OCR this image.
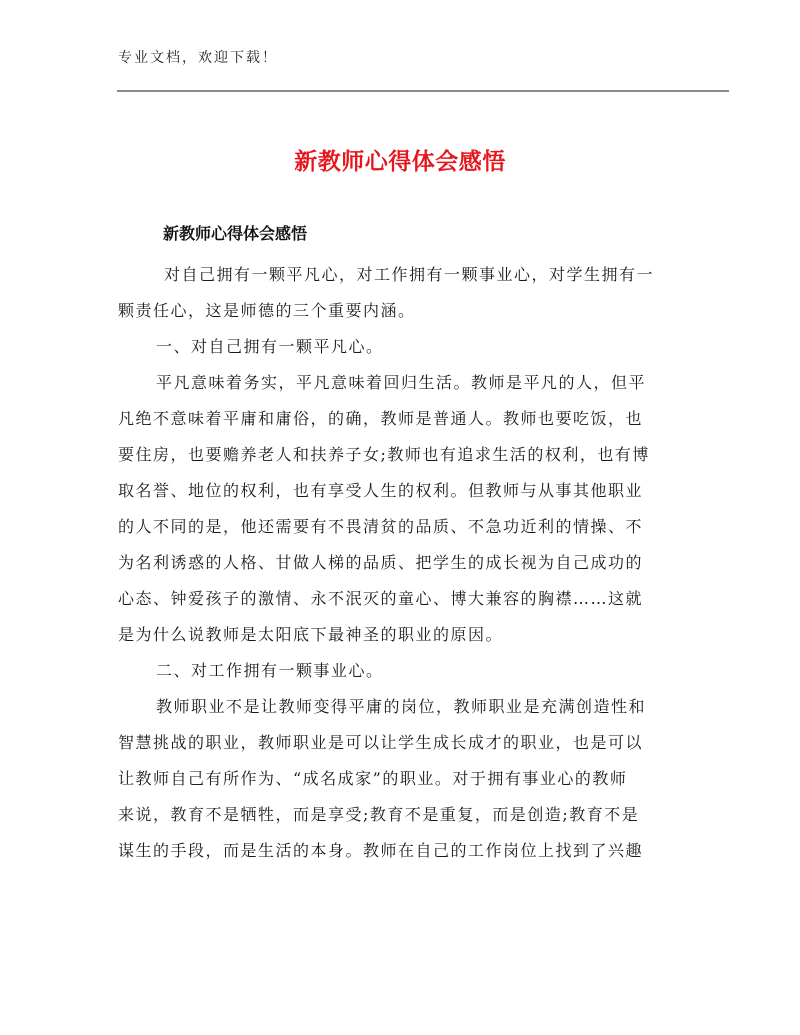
专业文档，欢迎下载！
新教师心得体会感悟
新教师心得体会感悟
对自己拥有一颗平凡心，对工作拥有一颗事业心，对学生拥有一
颗责任心，这是师德的三个重要内涵。
一、对自己拥有一颗平凡心。
平凡意味着务实，平凡意味着回归生活。教师是平凡的人，但平
凡绝不意味着平庸和庸俗，的确，教师是普通人。教师也要吃饭，也
要住房，也要赡养老人和扶养子女;教师也有追求生活的权利，也有博
取名誉、地位的权利，也有享受人生的权利。但教师与从事其他职业
的人不同的是，他还需要有不畏清贫的品质、不急功近利的情操、不
为名利诱惑的人格、甘做人梯的品质、把学生的成长视为自己成功的
心态、钟爱孩子的激情、永不泯灭的童心、博大兼容的胸襟……这就
是为什么说教师是太阳底下最神圣的职业的原因。
二、对工作拥有一颗事业心。
教师职业不是让教师变得平庸的岗位，教师职业是充满创造性和
智慧挑战的职业，教师职业是可以让学生成长成才的职业，也是可以
让教师自己有所作为、“成名成家”的职业。对于拥有事业心的教师
来说，教育不是牺牲，而是享受;教育不是重复，而是创造;教育不是
谋生的手段，而是生活的本身。教师在自己的工作岗位上找到了兴趣
